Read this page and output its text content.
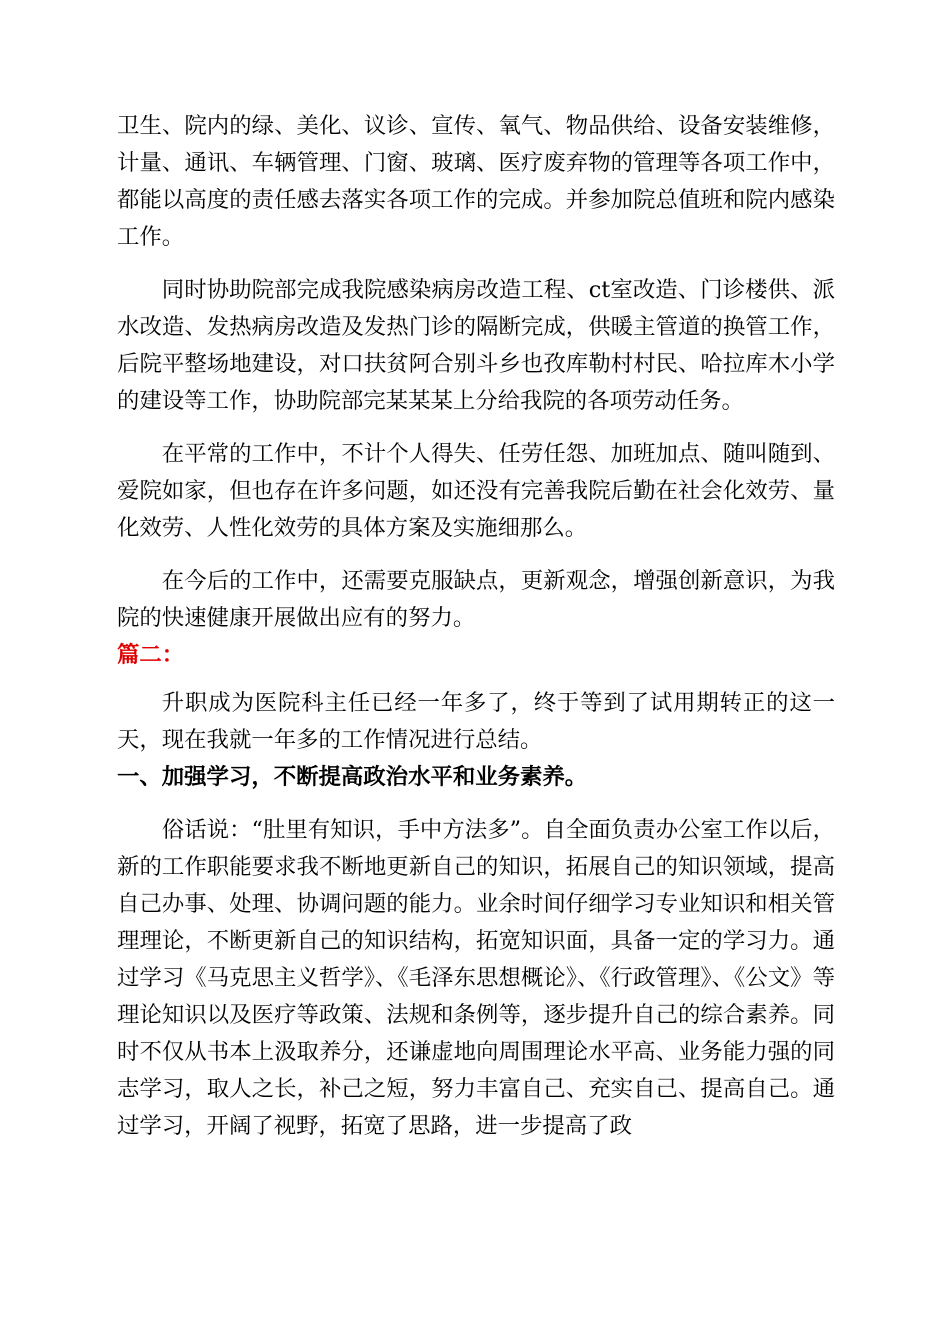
卫生、院内的绿、美化、议诊、宣传、氧气、物品供给、设备安装维修，计量、通讯、车辆管理、门窗、玻璃、医疗废弃物的管理等各项工作中，都能以高度的责任感去落实各项工作的完成。并参加院总值班和院内感染工作。

同时协助院部完成我院感染病房改造工程、ct室改造、门诊楼供、派水改造、发热病房改造及发热门诊的隔断完成，供暖主管道的换管工作，后院平整场地建设，对口扶贫阿合别斗乡也孜库勒村村民、哈拉库木小学的建设等工作，协助院部完某某某上分给我院的各项劳动任务。

在平常的工作中，不计个人得失、任劳任怨、加班加点、随叫随到、爱院如家，但也存在许多问题，如还没有完善我院后勤在社会化效劳、量化效劳、人性化效劳的具体方案及实施细那么。

在今后的工作中，还需要克服缺点，更新观念，增强创新意识，为我院的快速健康开展做出应有的努力。

篇二：

升职成为医院科主任已经一年多了，终于等到了试用期转正的这一天，现在我就一年多的工作情况进行总结。

一、加强学习，不断提高政治水平和业务素养。

俗话说：“肚里有知识，手中方法多”。自全面负责办公室工作以后，新的工作职能要求我不断地更新自己的知识，拓展自己的知识领域，提高自己办事、处理、协调问题的能力。业余时间仔细学习专业知识和相关管理理论，不断更新自己的知识结构，拓宽知识面，具备一定的学习力。通过学习《马克思主义哲学》、《毛泽东思想概论》、《行政管理》、《公文》等理论知识以及医疗等政策、法规和条例等，逐步提升自己的综合素养。同时不仅从书本上汲取养分，还谦虚地向周围理论水平高、业务能力强的同志学习，取人之长，补己之短，努力丰富自己、充实自己、提高自己。通过学习，开阔了视野，拓宽了思路，进一步提高了政
